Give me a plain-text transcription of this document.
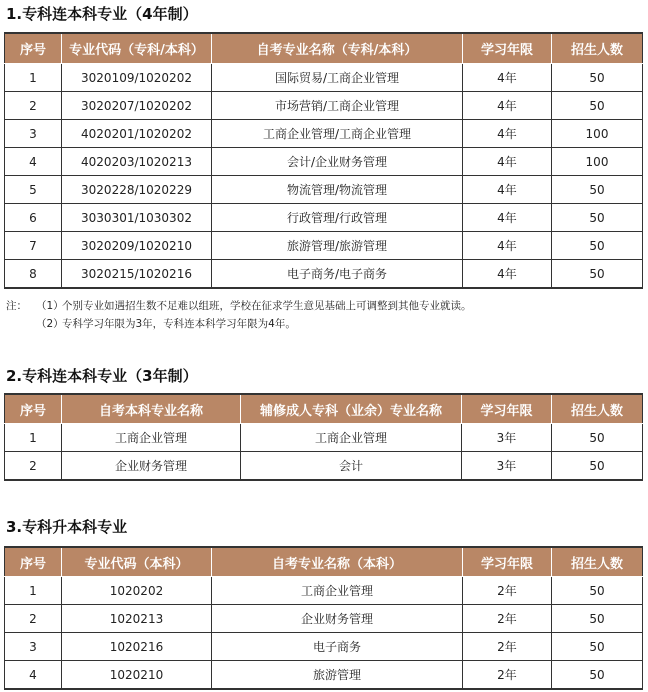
1.专科连本科专业（4年制）
序号	专业代码（专科/本科）	自考专业名称（专科/本科）	学习年限	招生人数
1	3020109/1020202	国际贸易/工商企业管理	4年	50
2	3020207/1020202	市场营销/工商企业管理	4年	50
3	4020201/1020202	工商企业管理/工商企业管理	4年	100
4	4020203/1020213	会计/企业财务管理	4年	100
5	3020228/1020229	物流管理/物流管理	4年	50
6	3030301/1030302	行政管理/行政管理	4年	50
7	3020209/1020210	旅游管理/旅游管理	4年	50
8	3020215/1020216	电子商务/电子商务	4年	50
注： （1）
个别专业如遇招生数不足难以组班，学校在征求学生意见基础上可调整到其他专业就读。
（2）
专科学习年限为3年，专科连本科学习年限为4年。
2.专科连本科专业（3年制）
序号	自考本科专业名称	辅修成人专科（业余）专业名称	学习年限	招生人数
1	工商企业管理	工商企业管理	3年	50
2	企业财务管理	会计	3年	50
3.专科升本科专业
序号	专业代码（本科）	自考专业名称（本科）	学习年限	招生人数
1	1020202	工商企业管理	2年	50
2	1020213	企业财务管理	2年	50
3	1020216	电子商务	2年	50
4	1020210	旅游管理	2年	50
